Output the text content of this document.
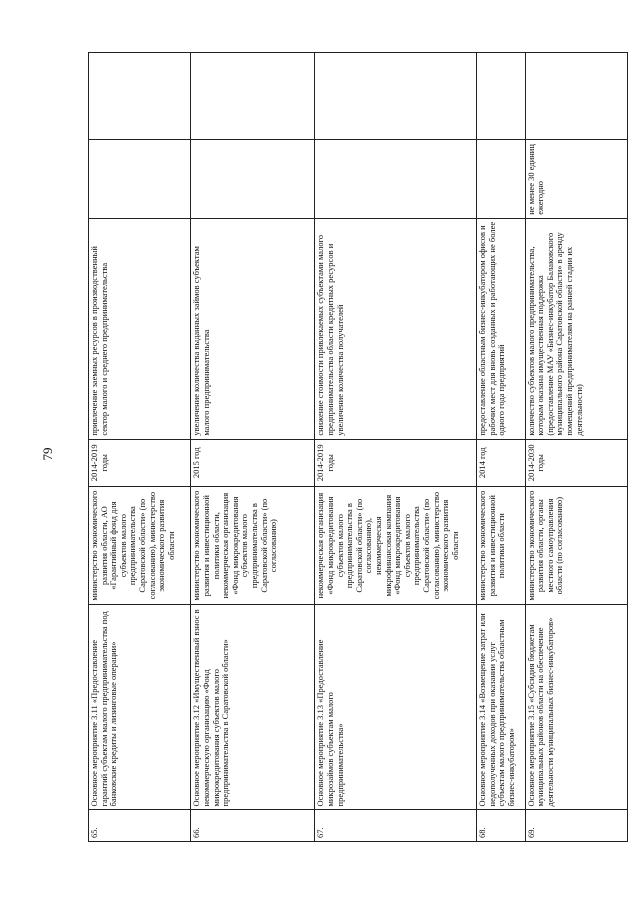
79
65.	Основное мероприятие 3.11 «Предоставление гарантий субъектам малого предпринимательства под банковские кредиты и лизинговые операции»	министерство экономического развития области, АО «Гарантийный фонд для субъектов малого предпринимательства Саратовской области» (по согласованию), министерство экономического развития области	2014-2019 годы	привлечение заемных ресурсов в производственный сектор малого и среднего предпринимательства		
66.	Основное мероприятие 3.12 «Имущественный взнос в некоммерческую организацию «Фонд микрокредитования субъектов малого предпринимательства в Саратовской области»	министерство экономического развития и инвестиционной политики области, некоммерческая организация «Фонд микрокредитования субъектов малого предпринимательства в Саратовской области» (по согласованию)	2015 год	увеличение количества выданных займов субъектам малого предпринимательства		
67.	Основное мероприятие 3.13 «Предоставление микрозаймов субъектам малого предпринимательства»	некоммерческая организация «Фонд микрокредитования субъектов малого предпринимательства в Саратовской области» (по согласованию), некоммерческая микрофинансовая компания «Фонд микрокредитования субъектов малого предпринимательства Саратовской области» (по согласованию), министерство экономического развития области	2014-2019 годы	снижение стоимости привлекаемых субъектами малого предпринимательства области кредитных ресурсов и увеличение количества получателей		
68.	Основное мероприятие 3.14 «Возмещение затрат или недополученных доходов при оказании услуг субъектам малого предпринимательства областным бизнес-инкубатором»	министерство экономического развития и инвестиционной политики области	2014 год	предоставление областным бизнес-инкубатором офисов и рабочих мест для вновь созданных и работающих не более одного года предприятий		
69.	Основное мероприятие 3.15 «Субсидия бюджетам муниципальных районов области на обеспечение деятельности муниципальных бизнес-инкубаторов»	министерство экономического развития области, органы местного самоуправления области (по согласованию)	2014-2030 годы	количество субъектов малого предпринимательства, которым оказана имущественная поддержка (предоставление МАУ «Бизнес-инкубатор Балаковского муниципального района Саратовской области» в аренду помещений предпринимателям на ранней стадии их деятельности)	не менее 30 единиц ежегодно	
